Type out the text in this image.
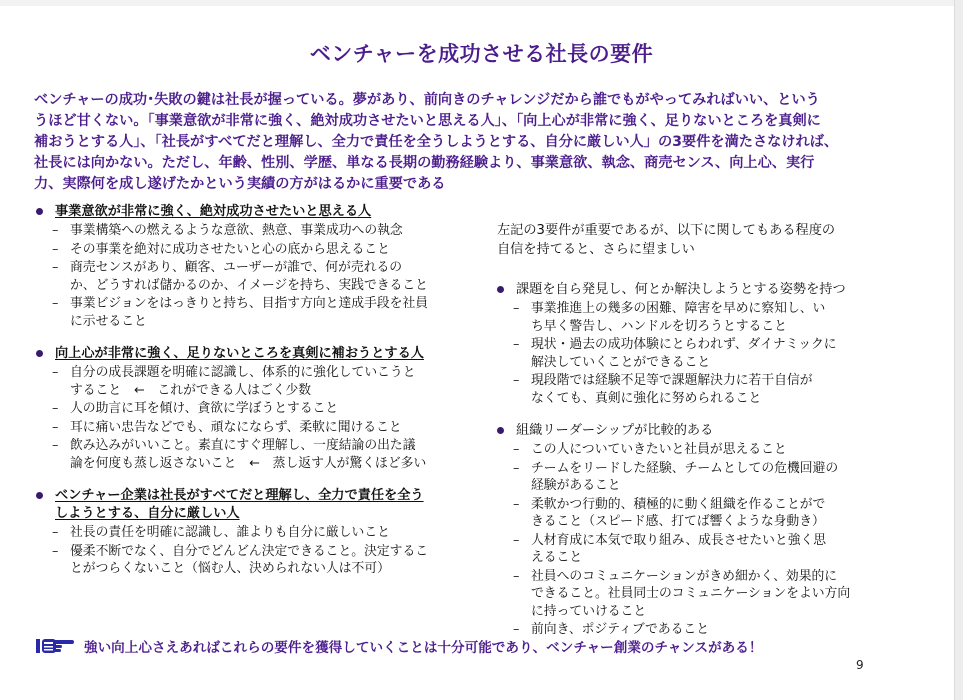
ベンチャーを成功させる社長の要件
ベンチャーの成功･失敗の鍵は社長が握っている。夢があり、前向きのチャレンジだから誰でもがやってみればいい、という
うほど甘くない。「事業意欲が非常に強く、絶対成功させたいと思える人」、「向上心が非常に強く、足りないところを真剣に
補おうとする人」、「社長がすべてだと理解し、全力で責任を全うしようとする、自分に厳しい人」の3要件を満たさなければ、
社長には向かない。ただし、年齢、性別、学歴、単なる長期の勤務経験より、事業意欲、執念、商売センス、向上心、実行
力、実際何を成し遂げたかという実績の方がはるかに重要である
事業意欲が非常に強く、絶対成功させたいと思える人
– 事業構築への燃えるような意欲、熱意、事業成功への執念
– その事業を絶対に成功させたいと心の底から思えること
– 商売センスがあり、顧客、ユーザーが誰で、何が売れるの
か、どうすれば儲かるのか、イメージを持ち、実践できること
– 事業ビジョンをはっきりと持ち、目指す方向と達成手段を社員
に示せること
向上心が非常に強く、足りないところを真剣に補おうとする人
– 自分の成長課題を明確に認識し、体系的に強化していこうと
すること　←　これができる人はごく少数
– 人の助言に耳を傾け、貪欲に学ぼうとすること
– 耳に痛い忠告などでも、頑なにならず、柔軟に聞けること
– 飲み込みがいいこと。素直にすぐ理解し、一度結論の出た議
論を何度も蒸し返さないこと　←　蒸し返す人が驚くほど多い
ベンチャー企業は社長がすべてだと理解し、全力で責任を全う
しようとする、自分に厳しい人
– 社長の責任を明確に認識し、誰よりも自分に厳しいこと
– 優柔不断でなく、自分でどんどん決定できること。決定するこ
とがつらくないこと（悩む人、決められない人は不可）
左記の3要件が重要であるが、以下に関してもある程度の
自信を持てると、さらに望ましい
課題を自ら発見し、何とか解決しようとする姿勢を持つ
– 事業推進上の幾多の困難、障害を早めに察知し、い
ち早く警告し、ハンドルを切ろうとすること
– 現状・過去の成功体験にとらわれず、ダイナミックに
解決していくことができること
– 現段階では経験不足等で課題解決力に若干自信が
なくても、真剣に強化に努められること
組織リーダーシップが比較的ある
– この人についていきたいと社員が思えること
– チームをリードした経験、チームとしての危機回避の
経験があること
– 柔軟かつ行動的、積極的に動く組織を作ることがで
きること（スピード感、打てば響くような身動き）
– 人材育成に本気で取り組み、成長させたいと強く思
えること
– 社員へのコミュニケーションがきめ細かく、効果的に
できること。社員同士のコミュニケーションをよい方向
に持っていけること
– 前向き、ポジティブであること
強い向上心さえあればこれらの要件を獲得していくことは十分可能であり、ベンチャー創業のチャンスがある！
9
